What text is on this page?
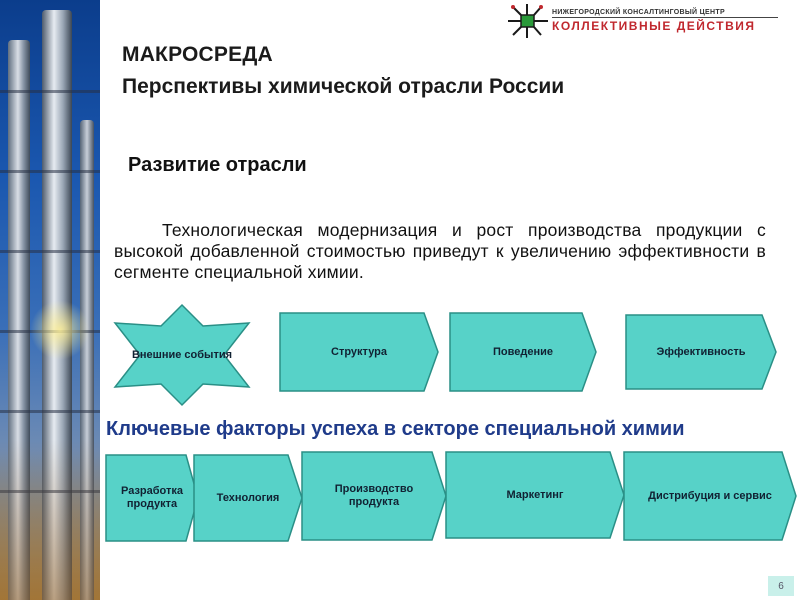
НИЖЕГОРОДСКИЙ КОНСАЛТИНГОВЫЙ ЦЕНТР
КОЛЛЕКТИВНЫЕ ДЕЙСТВИЯ
МАКРОСРЕДА
Перспективы химической отрасли России
Развитие отрасли
Технологическая модернизация и рост производства продукции с высокой добавленной стоимостью приведут к увеличению эффективности в сегменте специальной химии.
Внешние события	Структура	Поведение	Эффективность
Ключевые факторы успеха в секторе специальной химии
Разработка продукта
Технология
Производство продукта
Маркетинг	Дистрибуция и сервис
6
